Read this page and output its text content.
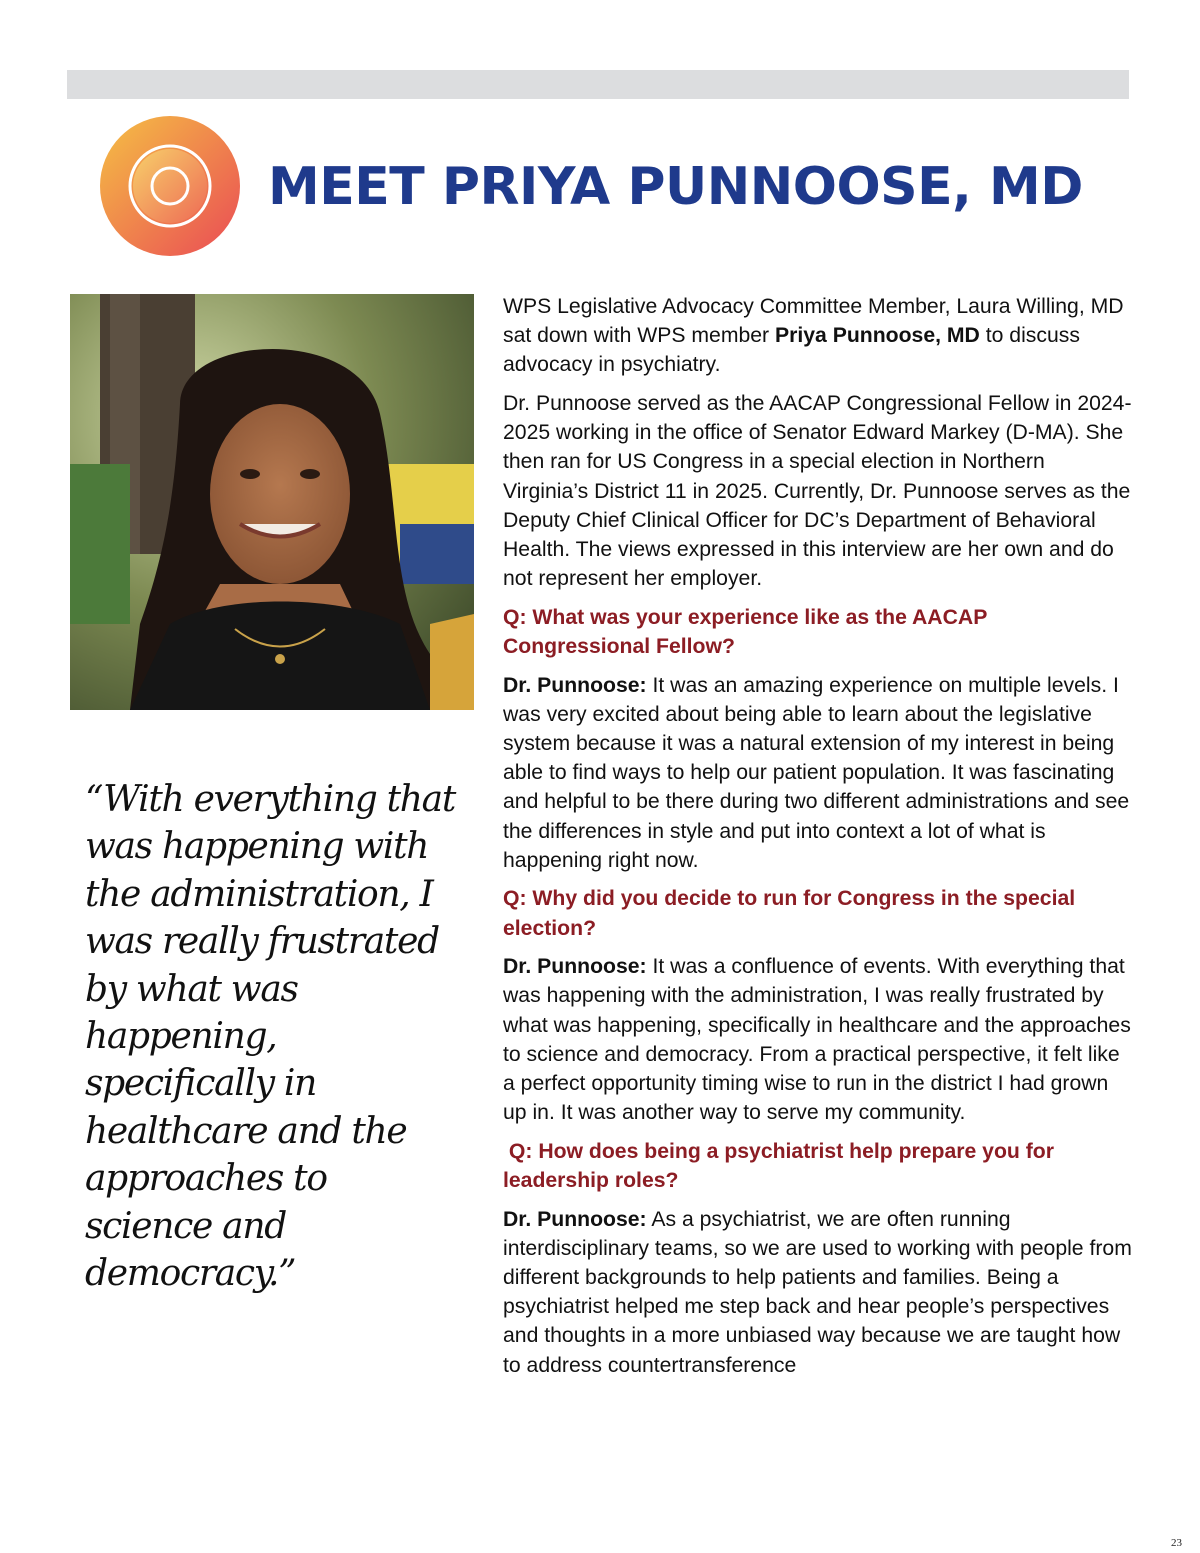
MEET PRIYA PUNNOOSE, MD
“With everything that was happening with the administration, I was really frustrated by what was happening, specifically in healthcare and the approaches to science and democracy.”

WPS Legislative Advocacy Committee Member, Laura Willing, MD sat down with WPS member Priya Punnoose, MD to discuss advocacy in psychiatry.

Dr. Punnoose served as the AACAP Congressional Fellow in 2024-2025 working in the office of Senator Edward Markey (D-MA). She then ran for US Congress in a special election in Northern Virginia’s District 11 in 2025. Currently, Dr. Punnoose serves as the Deputy Chief Clinical Officer for DC’s Department of Behavioral Health. The views expressed in this interview are her own and do not represent her employer.

Q: What was your experience like as the AACAP Congressional Fellow?

Dr. Punnoose: It was an amazing experience on multiple levels. I was very excited about being able to learn about the legislative system because it was a natural extension of my interest in being able to find ways to help our patient population. It was fascinating and helpful to be there during two different administrations and see the differences in style and put into context a lot of what is happening right now.

Q: Why did you decide to run for Congress in the special election?

Dr. Punnoose: It was a confluence of events. With everything that was happening with the administration, I was really frustrated by what was happening, specifically in healthcare and the approaches to science and democracy. From a practical perspective, it felt like a perfect opportunity timing wise to run in the district I had grown up in. It was another way to serve my community.

Q: How does being a psychiatrist help prepare you for leadership roles?

Dr. Punnoose: As a psychiatrist, we are often running interdisciplinary teams, so we are used to working with people from different backgrounds to help patients and families. Being a psychiatrist helped me step back and hear people’s perspectives and thoughts in a more unbiased way because we are taught how to address countertransference

23
